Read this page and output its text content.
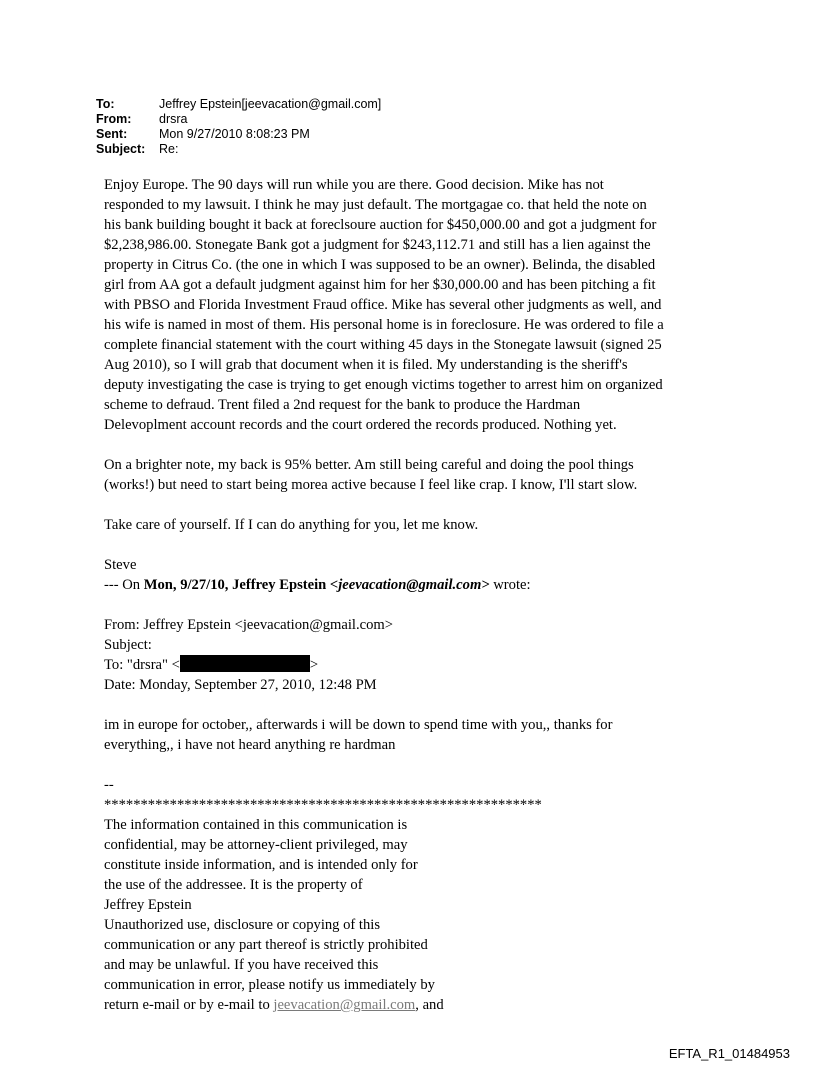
To:	Jeffrey Epstein[jeevacation@gmail.com]
From:	drsra
Sent:	Mon 9/27/2010 8:08:23 PM
Subject:	Re:

Enjoy Europe. The 90 days will run while you are there. Good decision. Mike has not
responded to my lawsuit. I think he may just default. The mortgagae co. that held the note on
his bank building bought it back at foreclsoure auction for $450,000.00 and got a judgment for
$2,238,986.00. Stonegate Bank got a judgment for $243,112.71 and still has a lien against the
property in Citrus Co. (the one in which I was supposed to be an owner). Belinda, the disabled
girl from AA got a default judgment against him for her $30,000.00 and has been pitching a fit
with PBSO and Florida Investment Fraud office. Mike has several other judgments as well, and
his wife is named in most of them. His personal home is in foreclosure. He was ordered to file a
complete financial statement with the court withing 45 days in the Stonegate lawsuit (signed 25
Aug 2010), so I will grab that document when it is filed. My understanding is the sheriff's
deputy investigating the case is trying to get enough victims together to arrest him on organized
scheme to defraud. Trent filed a 2nd request for the bank to produce the Hardman
Delevoplment account records and the court ordered the records produced. Nothing yet.

On a brighter note, my back is 95% better. Am still being careful and doing the pool things
(works!) but need to start being morea active because I feel like crap. I know, I'll start slow.

Take care of yourself. If I can do anything for you, let me know.

Steve
--- On Mon, 9/27/10, Jeffrey Epstein <jeevacation@gmail.com> wrote:

From: Jeffrey Epstein <jeevacation@gmail.com>
Subject:
To: "drsra" <	>
Date: Monday, September 27, 2010, 12:48 PM
im in europe for october,, afterwards i will be down to spend time with you,, thanks for
everything,, i have not heard anything re hardman
--
************************************************************
The information contained in this communication is
confidential, may be attorney-client privileged, may
constitute inside information, and is intended only for
the use of the addressee. It is the property of
Jeffrey Epstein
Unauthorized use, disclosure or copying of this
communication or any part thereof is strictly prohibited
and may be unlawful. If you have received this
communication in error, please notify us immediately by
return e-mail or by e-mail to jeevacation@gmail.com, and
EFTA_R1_01484953
